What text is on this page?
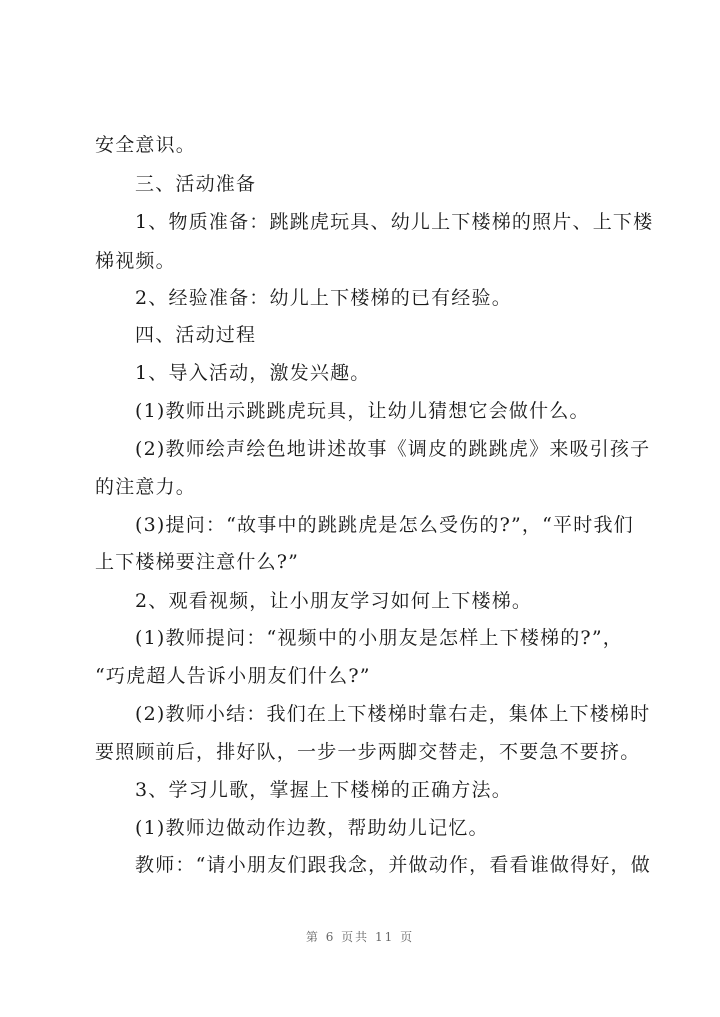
安全意识。
三、活动准备
1、物质准备：跳跳虎玩具、幼儿上下楼梯的照片、上下楼
梯视频。
2、经验准备：幼儿上下楼梯的已有经验。
四、活动过程
1、导入活动，激发兴趣。
(1)教师出示跳跳虎玩具，让幼儿猜想它会做什么。
(2)教师绘声绘色地讲述故事《调皮的跳跳虎》来吸引孩子
的注意力。
(3)提问：“故事中的跳跳虎是怎么受伤的?”，“平时我们
上下楼梯要注意什么?”
2、观看视频，让小朋友学习如何上下楼梯。
(1)教师提问：“视频中的小朋友是怎样上下楼梯的?”，
“巧虎超人告诉小朋友们什么?”
(2)教师小结：我们在上下楼梯时靠右走，集体上下楼梯时
要照顾前后，排好队，一步一步两脚交替走，不要急不要挤。
3、学习儿歌，掌握上下楼梯的正确方法。
(1)教师边做动作边教，帮助幼儿记忆。
教师：“请小朋友们跟我念，并做动作，看看谁做得好，做
第 6 页共 11 页
